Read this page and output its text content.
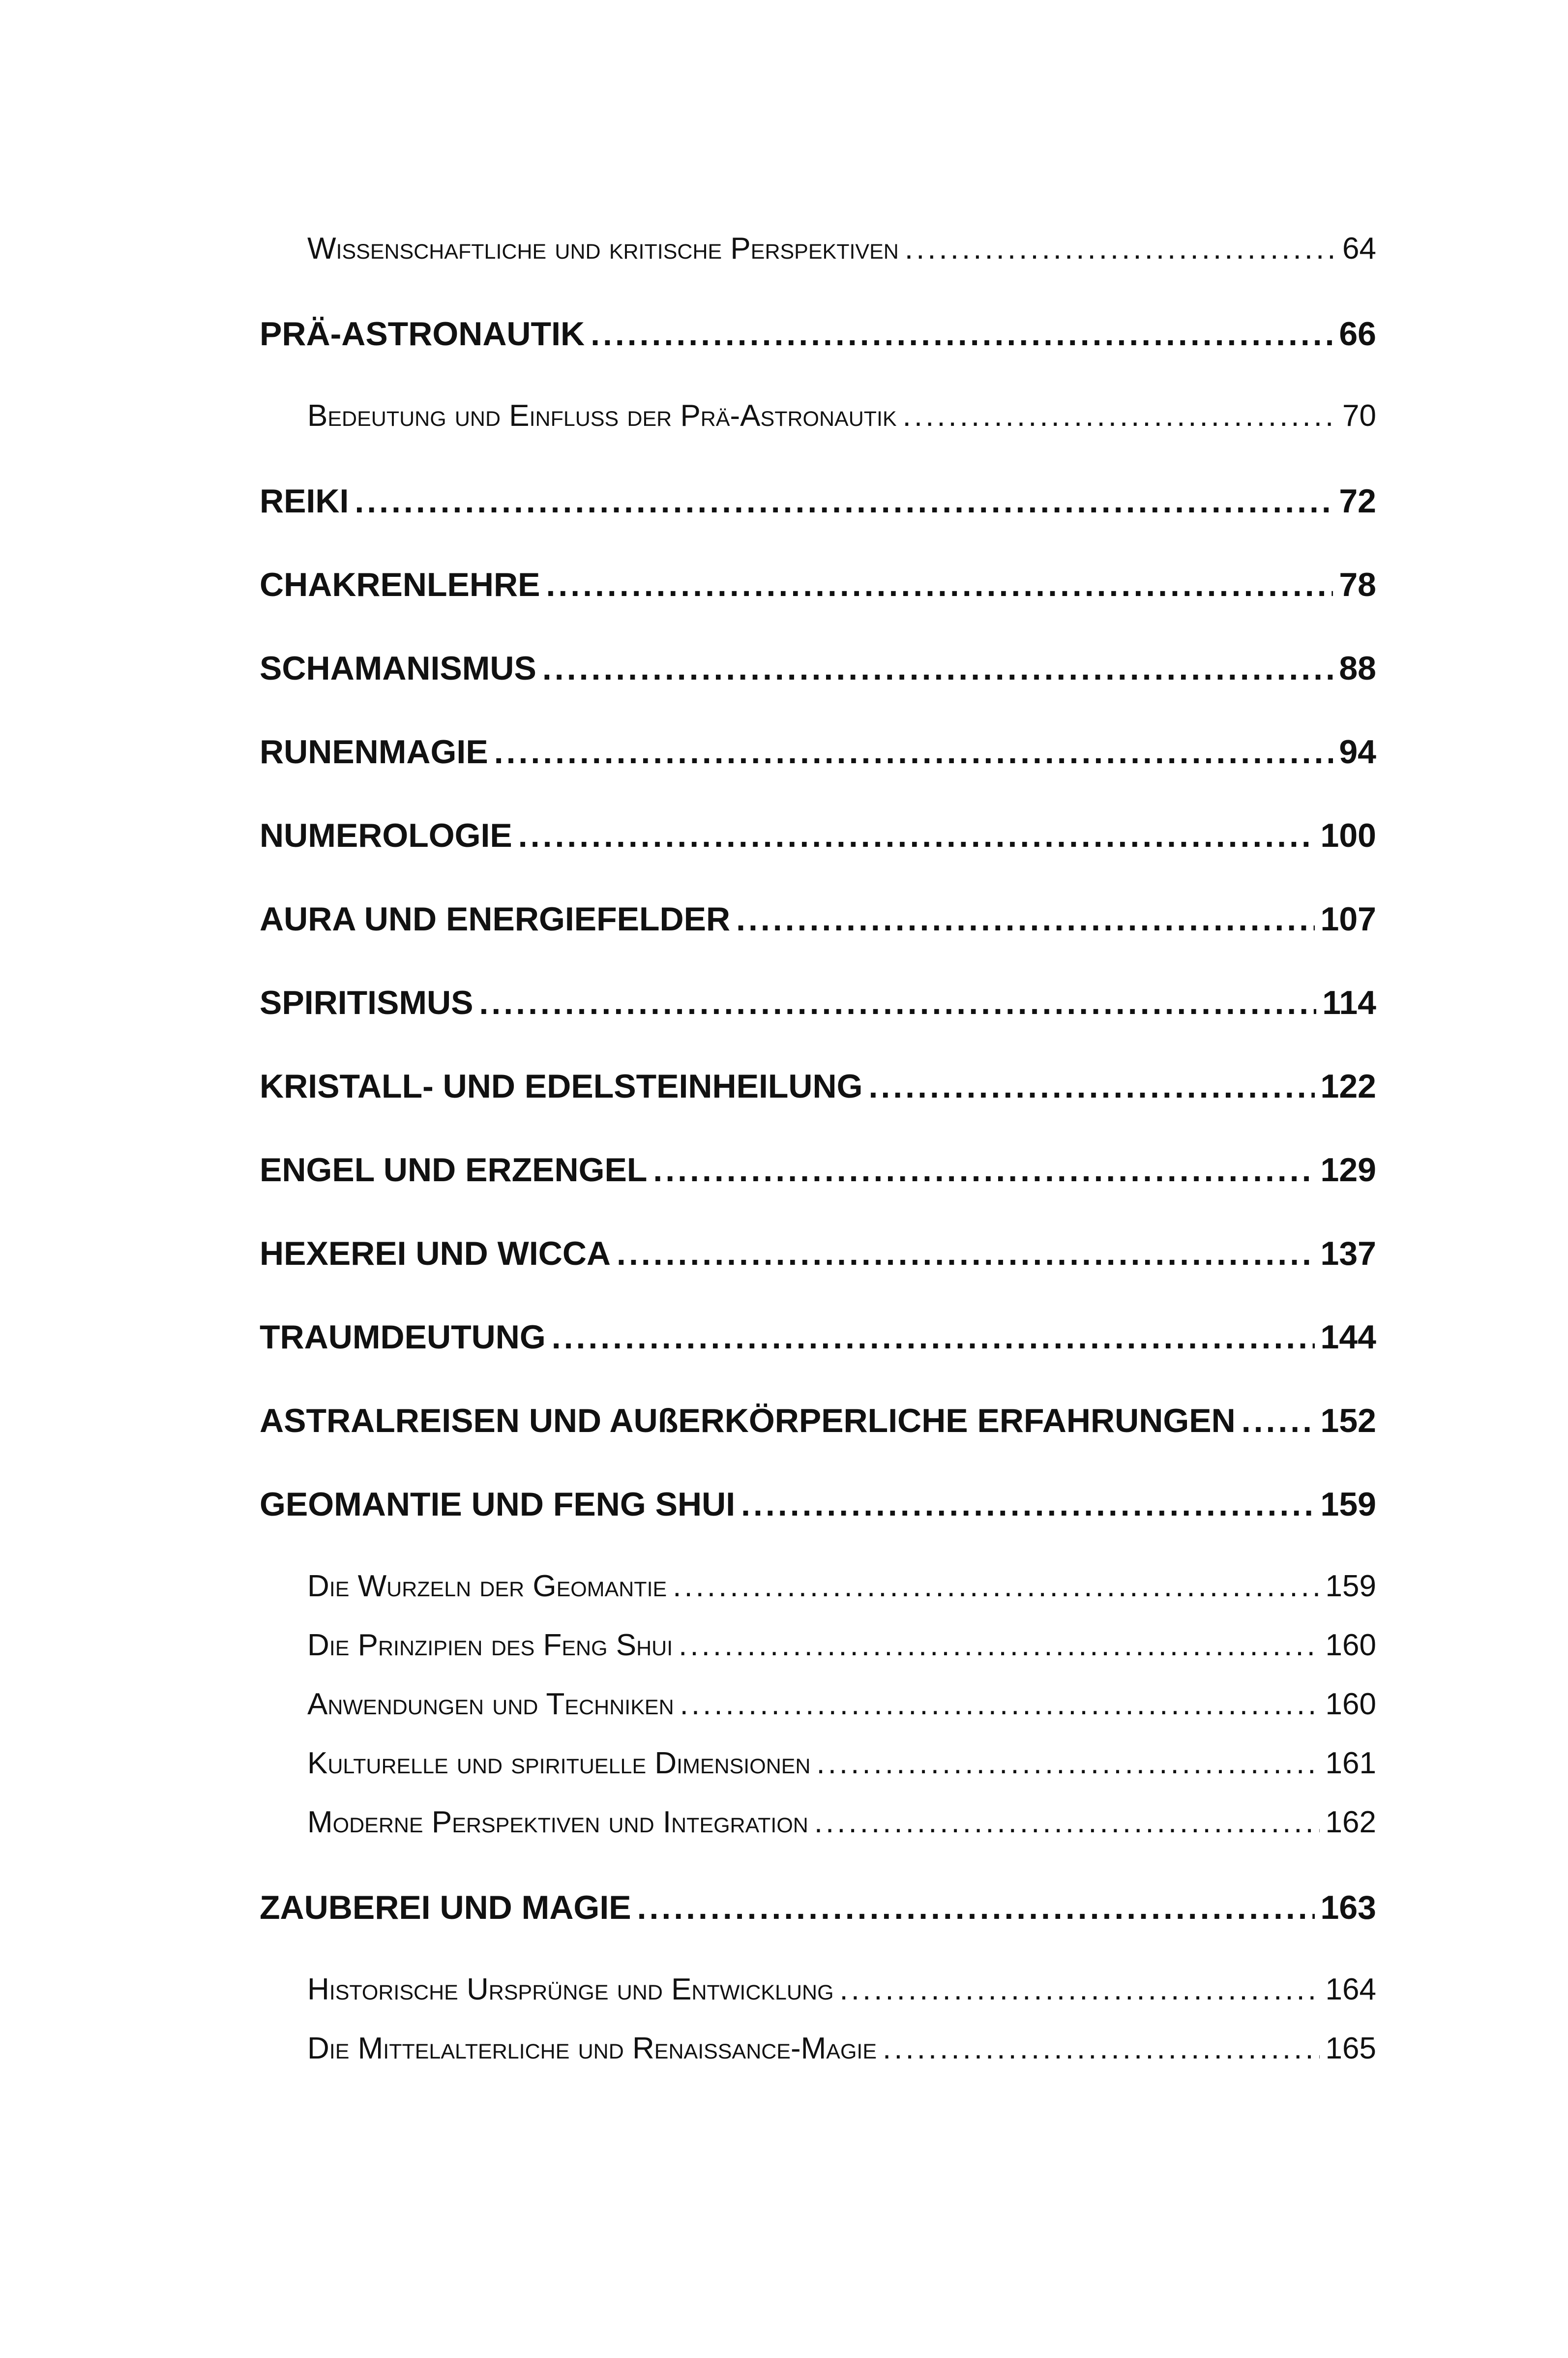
Wissenschaftliche und kritische Perspektiven .....	64
PRÄ-ASTRONAUTIK .....	66
Bedeutung und Einfluss der Prä-Astronautik .....	70
REIKI .....	72
CHAKRENLEHRE .....	78
SCHAMANISMUS .....	88
RUNENMAGIE .....	94
NUMEROLOGIE .....	100
AURA UND ENERGIEFELDER .....	107
SPIRITISMUS .....	114
KRISTALL- UND EDELSTEINHEILUNG .....	122
ENGEL UND ERZENGEL .....	129
HEXEREI UND WICCA .....	137
TRAUMDEUTUNG .....	144
ASTRALREISEN UND AUßERKÖRPERLICHE ERFAHRUNGEN .....	152
GEOMANTIE UND FENG SHUI .....	159
Die Wurzeln der Geomantie .....	159
Die Prinzipien des Feng Shui .....	160
Anwendungen und Techniken .....	160
Kulturelle und spirituelle Dimensionen .....	161
Moderne Perspektiven und Integration .....	162
ZAUBEREI UND MAGIE .....	163
Historische Ursprünge und Entwicklung .....	164
Die Mittelalterliche und Renaissance-Magie .....	165
